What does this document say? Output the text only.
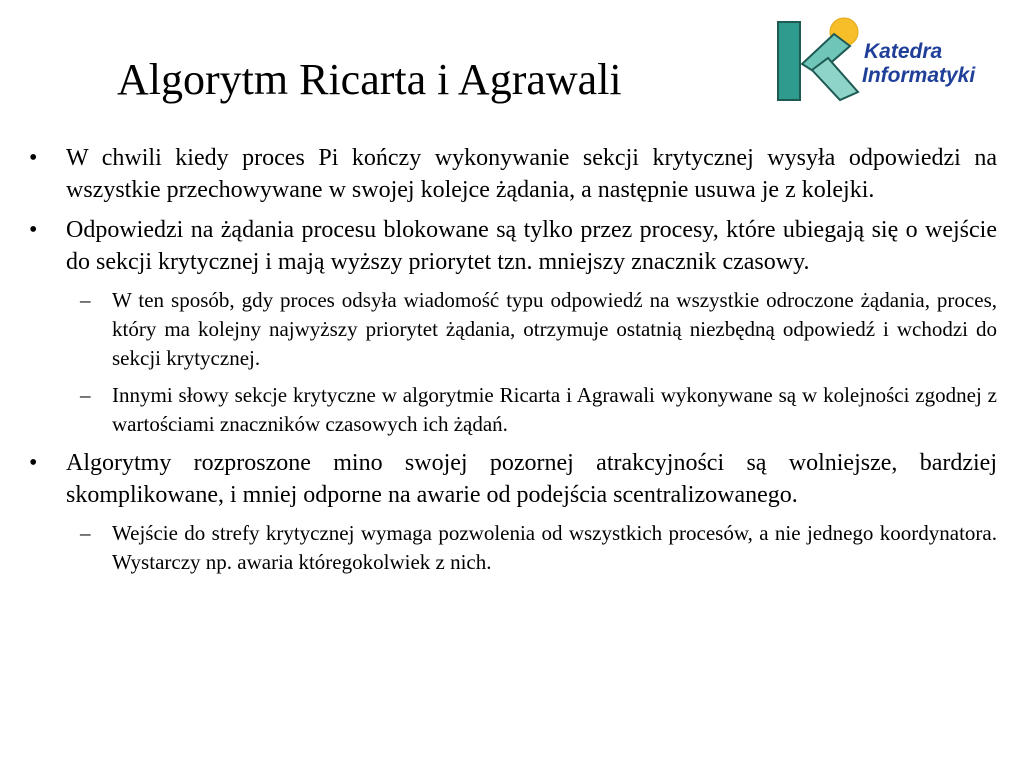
Algorytm Ricarta i Agrawali
Katedra
Informatyki
•	W chwili kiedy proces Pi kończy wykonywanie sekcji krytycznej wysyła odpowiedzi na wszystkie przechowywane w swojej kolejce żądania, a następnie usuwa je z kolejki.
•	Odpowiedzi na żądania procesu blokowane są tylko przez procesy, które ubiegają się o wejście do sekcji krytycznej i mają wyższy priorytet tzn. mniejszy znacznik czasowy.
– W ten sposób, gdy proces odsyła wiadomość typu odpowiedź na wszystkie odroczone żądania, proces, który ma kolejny najwyższy priorytet żądania, otrzymuje ostatnią niezbędną odpowiedź i wchodzi do sekcji krytycznej.
– Innymi słowy sekcje krytyczne w algorytmie Ricarta i Agrawali wykonywane są w kolejności zgodnej z wartościami znaczników czasowych ich żądań.
•	Algorytmy rozproszone mino swojej pozornej atrakcyjności są wolniejsze, bardziej skomplikowane, i mniej odporne na awarie od podejścia scentralizowanego.
– Wejście do strefy krytycznej wymaga pozwolenia od wszystkich procesów, a nie jednego koordynatora. Wystarczy np. awaria któregokolwiek z nich.
